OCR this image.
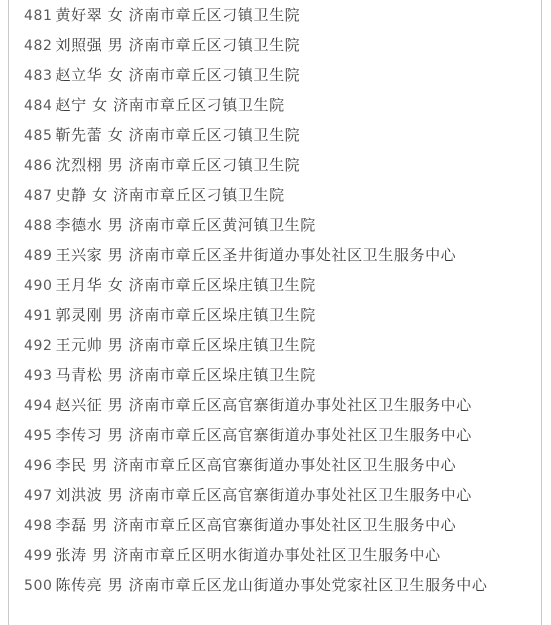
481 黄好翠 女 济南市章丘区刁镇卫生院
482 刘照强 男 济南市章丘区刁镇卫生院
483 赵立华 女 济南市章丘区刁镇卫生院
484 赵宁 女 济南市章丘区刁镇卫生院
485 靳先蕾 女 济南市章丘区刁镇卫生院
486 沈烈栩 男 济南市章丘区刁镇卫生院
487 史静 女 济南市章丘区刁镇卫生院
488 李德水 男 济南市章丘区黄河镇卫生院
489 王兴家 男 济南市章丘区圣井街道办事处社区卫生服务中心
490 王月华 女 济南市章丘区垛庄镇卫生院
491 郭灵刚 男 济南市章丘区垛庄镇卫生院
492 王元帅 男 济南市章丘区垛庄镇卫生院
493 马青松 男 济南市章丘区垛庄镇卫生院
494 赵兴征 男 济南市章丘区高官寨街道办事处社区卫生服务中心
495 李传习 男 济南市章丘区高官寨街道办事处社区卫生服务中心
496 李民 男 济南市章丘区高官寨街道办事处社区卫生服务中心
497 刘洪波 男 济南市章丘区高官寨街道办事处社区卫生服务中心
498 李磊 男 济南市章丘区高官寨街道办事处社区卫生服务中心
499 张涛 男 济南市章丘区明水街道办事处社区卫生服务中心
500 陈传亮 男 济南市章丘区龙山街道办事处党家社区卫生服务中心
